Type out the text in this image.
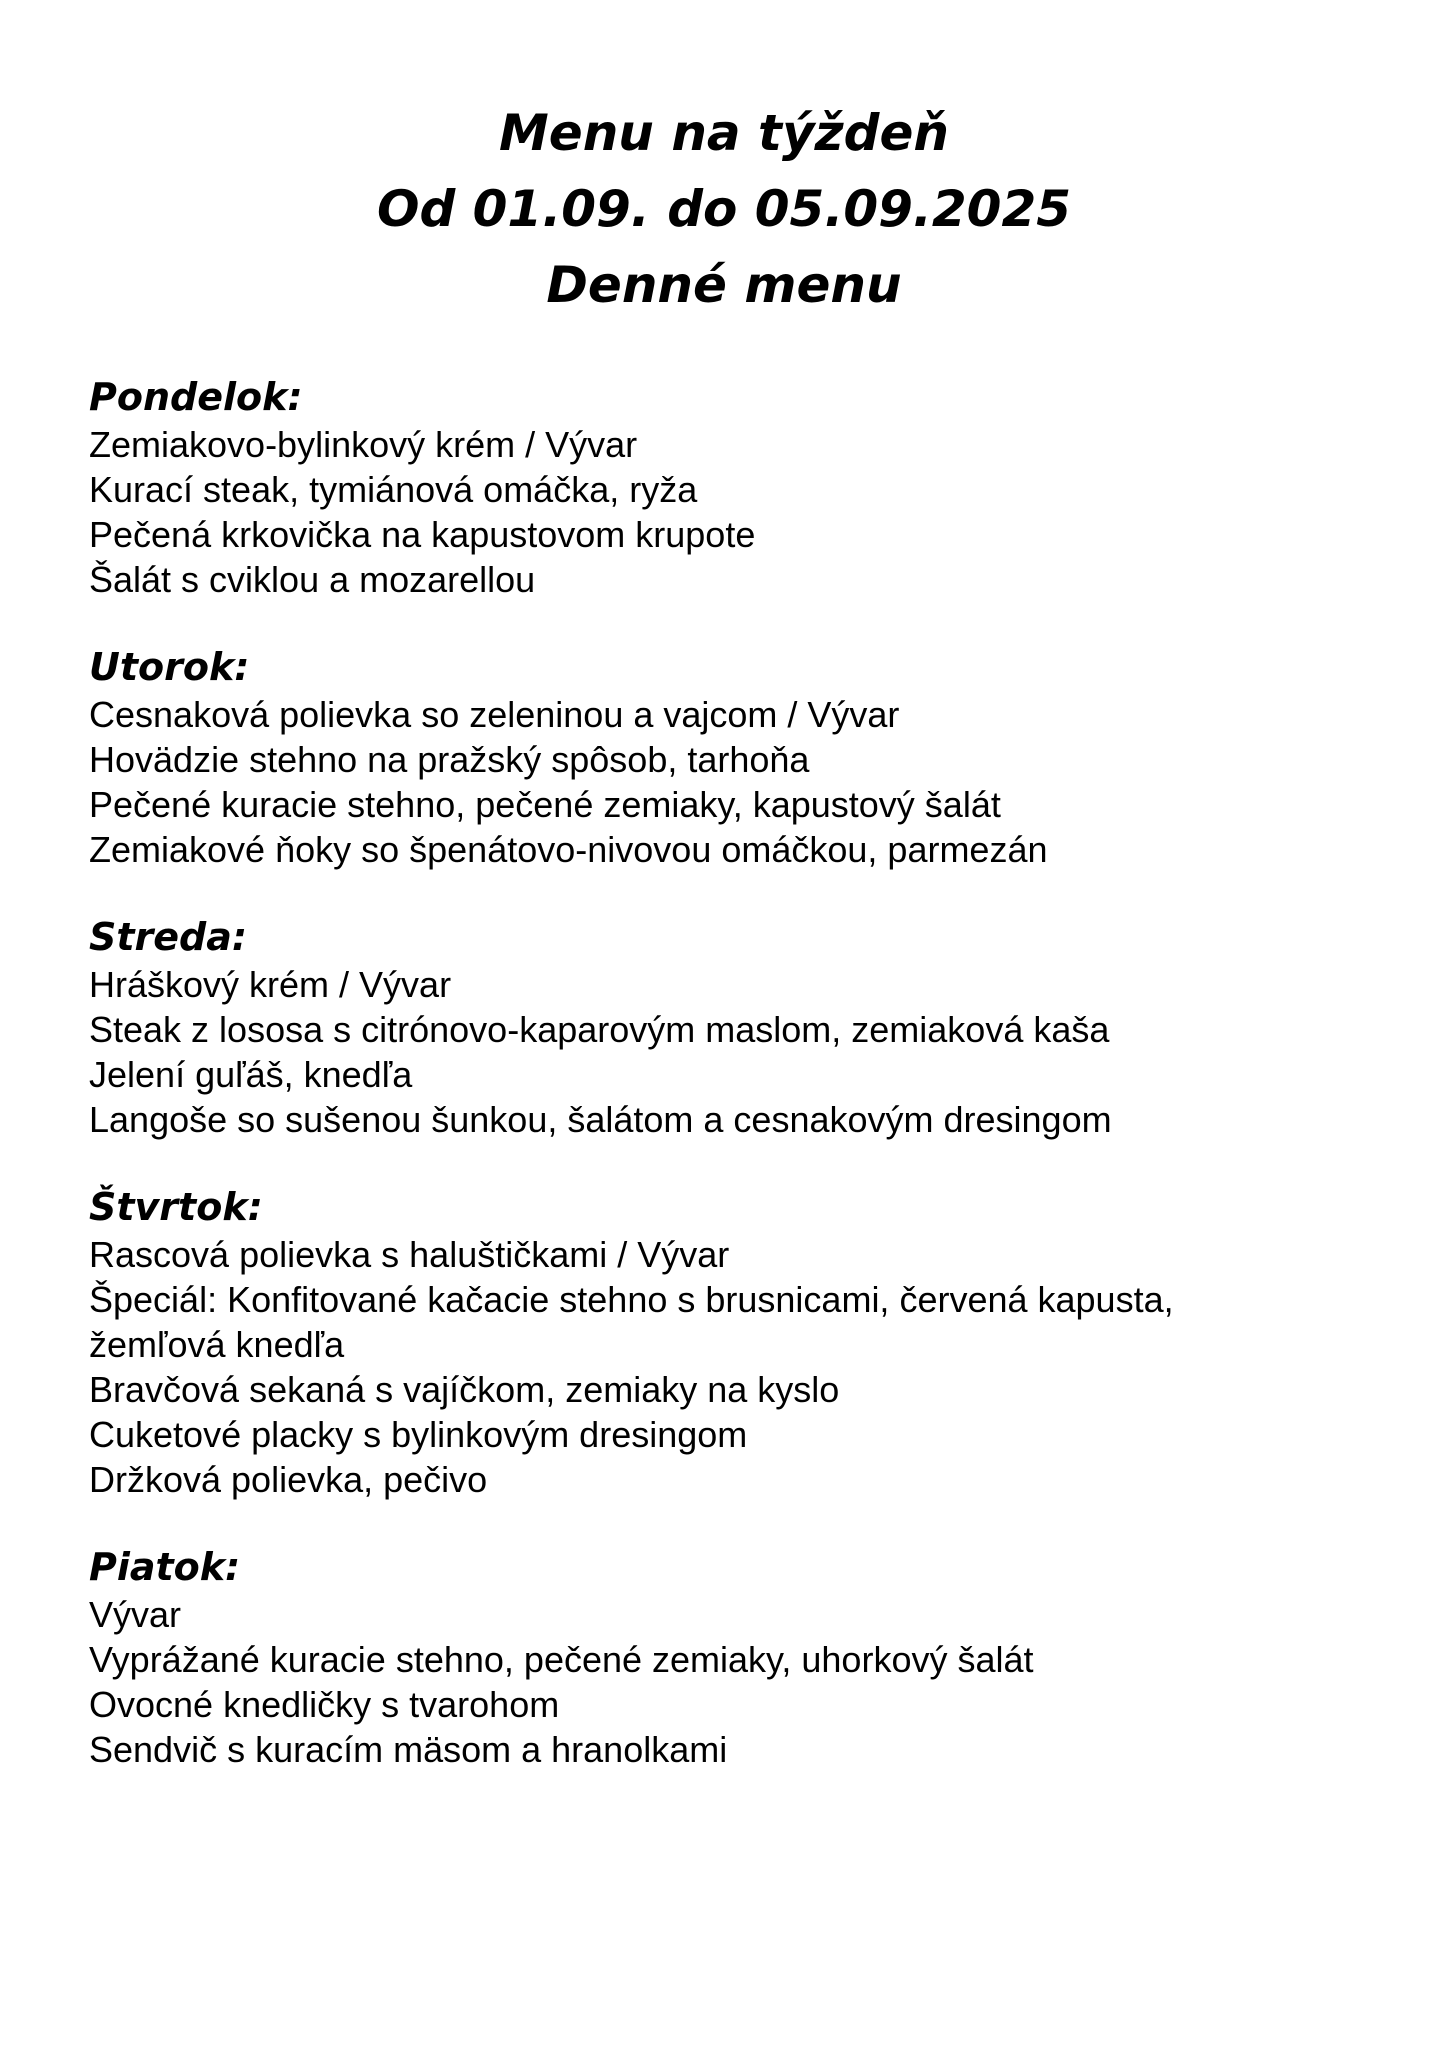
Menu na týždeň
Od 01.09. do 05.09.2025
Denné menu
Pondelok:
Zemiakovo-bylinkový krém / Vývar
Kurací steak, tymiánová omáčka, ryža
Pečená krkovička na kapustovom krupote
Šalát s cviklou a mozarellou
Utorok:
Cesnaková polievka so zeleninou a vajcom / Vývar
Hovädzie stehno na pražský spôsob, tarhoňa
Pečené kuracie stehno, pečené zemiaky, kapustový šalát
Zemiakové ňoky so špenátovo-nivovou omáčkou, parmezán
Streda:
Hráškový krém / Vývar
Steak z lososa s citrónovo-kaparovým maslom, zemiaková kaša
Jelení guľáš, knedľa
Langoše so sušenou šunkou, šalátom a cesnakovým dresingom
Štvrtok:
Rascová polievka s haluštičkami / Vývar
Špeciál: Konfitované kačacie stehno s brusnicami, červená kapusta,
žemľová knedľa
Bravčová sekaná s vajíčkom, zemiaky na kyslo
Cuketové placky s bylinkovým dresingom
Držková polievka, pečivo
Piatok:
Vývar
Vyprážané kuracie stehno, pečené zemiaky, uhorkový šalát
Ovocné knedličky s tvarohom
Sendvič s kuracím mäsom a hranolkami
